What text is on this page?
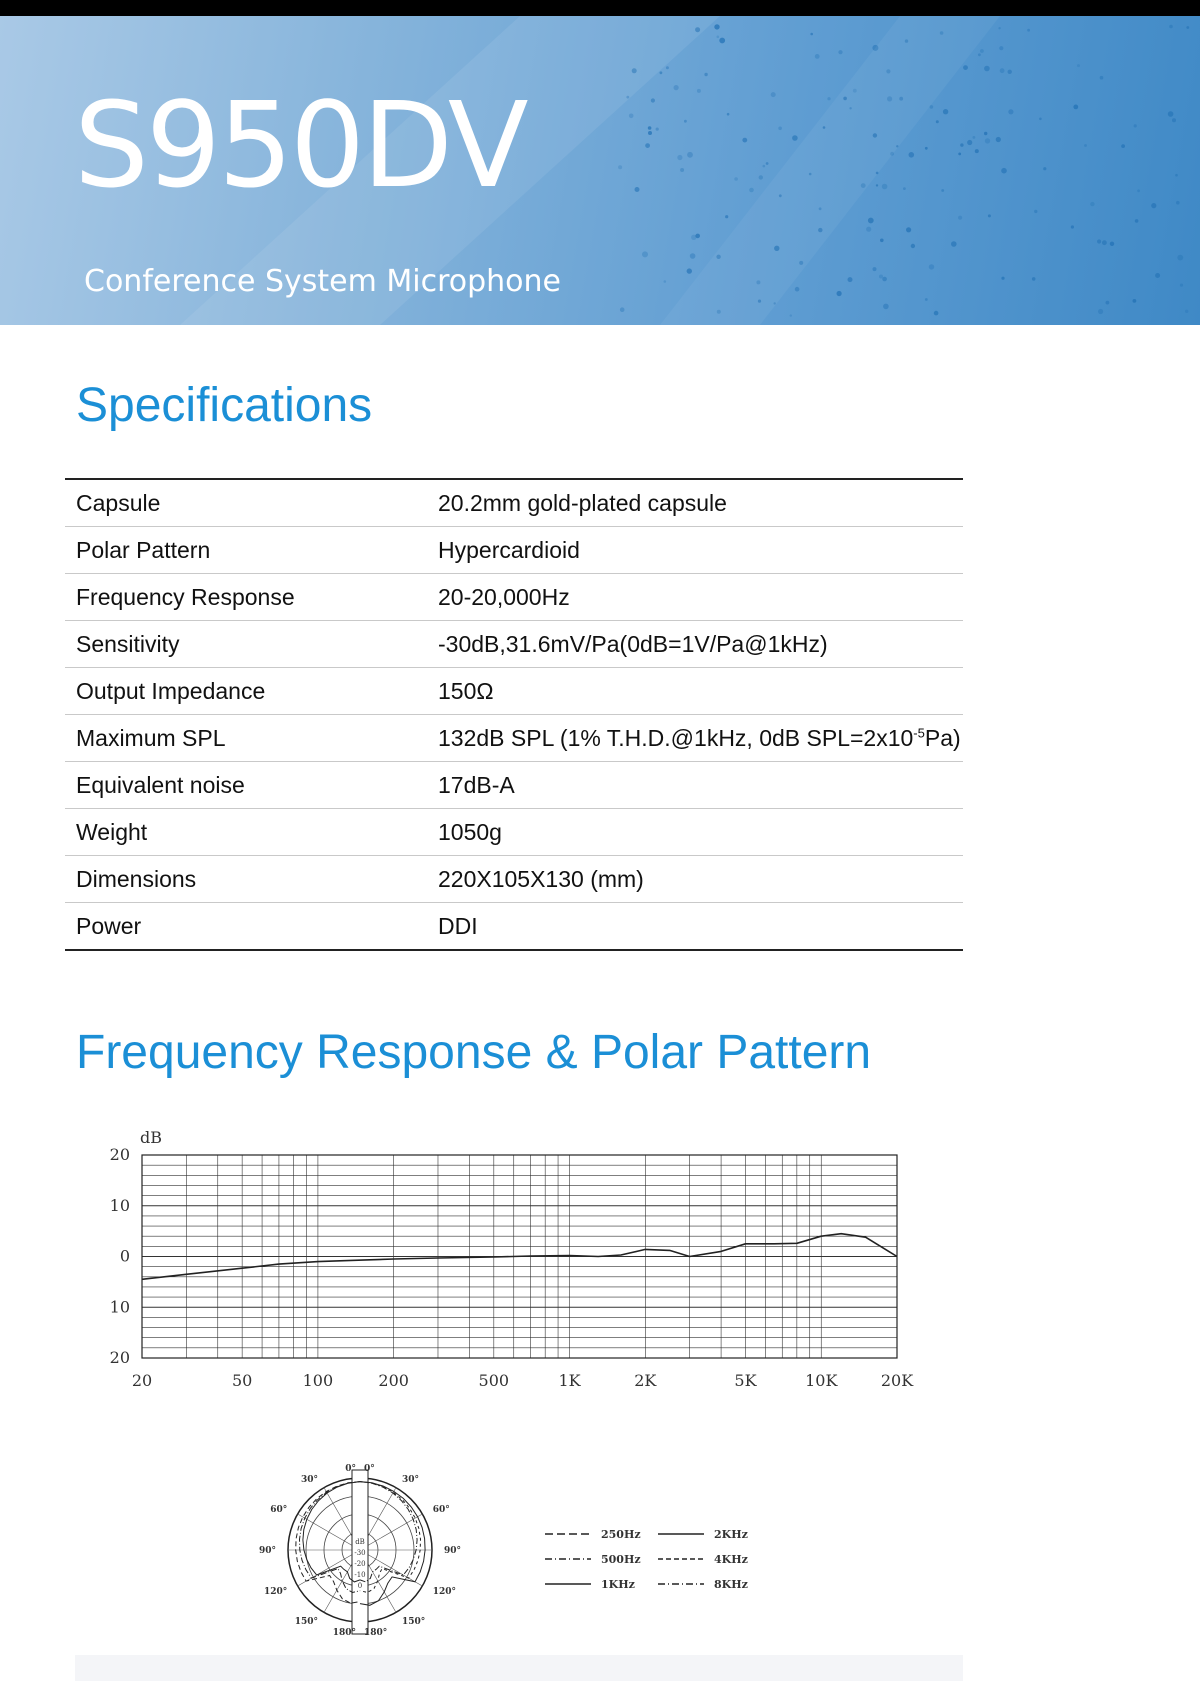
S950DV
Conference System Microphone
Specifications
Capsule	20.2mm gold-plated capsule
Polar Pattern	Hypercardioid
Frequency Response	20-20,000Hz
Sensitivity	-30dB,31.6mV/Pa(0dB=1V/Pa@1kHz)
Output Impedance	150Ω
Maximum SPL	132dB SPL (1% T.H.D.@1kHz, 0dB $SPL=2x10^{-5}Pa$)
Equivalent noise	17dB-A
Weight	1050g
Dimensions	220X105X130 (mm)
Power	DDI
Frequency Response & Polar Pattern
dB
20
10
0
10
20
20	50	100	200	500	1K	2K	5K	10K	20K
0°
30°
60°
90°
120°
150°
180°
0°
30°
60°
90°
120°
150°
180°
dB
-30
-20
-10
0
250Hz
500Hz
1KHz
2KHz
4KHz
8KHz
